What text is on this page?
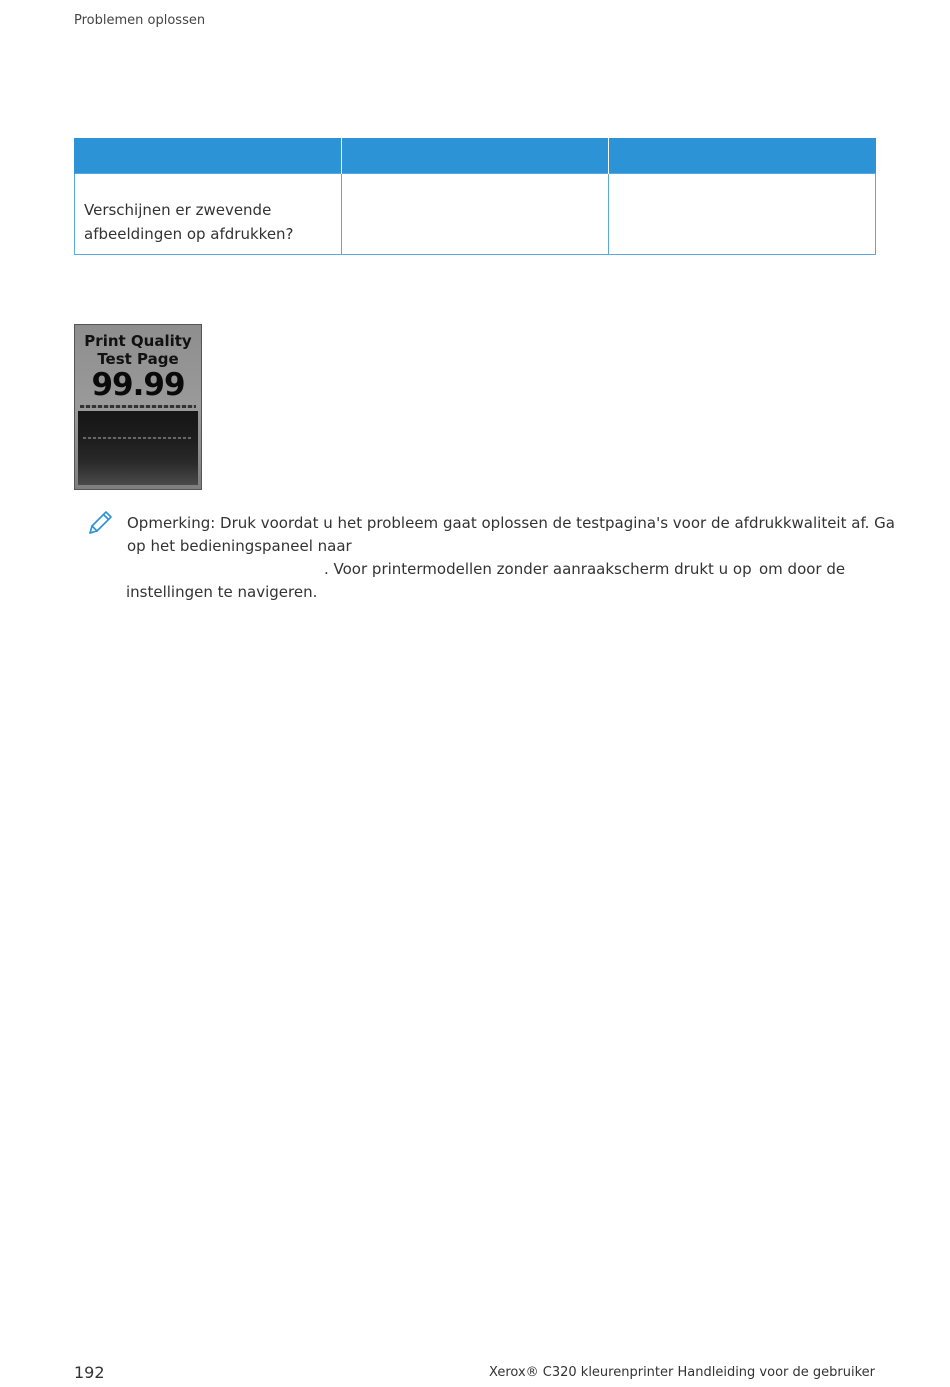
Problemen oplossen

Verschijnen er zwevende afbeeldingen op afdrukken?		
Print Quality
Test Page
99.99
Opmerking: Druk voordat u het probleem gaat oplossen de testpagina's voor de afdrukkwaliteit af. Ga
op het bedieningspaneel naar
. Voor printermodellen zonder aanraakscherm drukt u op om door de
instellingen te navigeren.
192	Xerox® C320 kleurenprinter Handleiding voor de gebruiker
